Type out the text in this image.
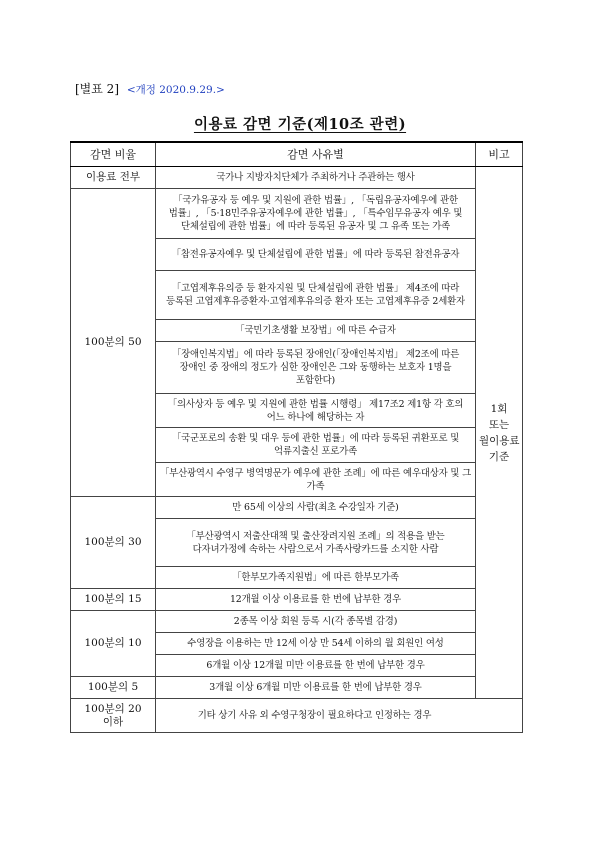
[별표 2] <개정 2020.9.29.>
이용료 감면 기준(제10조 관련)
감면 비율	감면 사유별	비고
이용료 전부	국가나 지방자치단체가 주최하거나 주관하는 행사	1회 또는 월이용료 기준
100분의 50	「국가유공자 등 예우 및 지원에 관한 법률」, 「독립유공자예우에 관한 법률」, 「5·18민주유공자예우에 관한 법률」, 「특수임무유공자 예우 및 단체설립에 관한 법률」에 따라 등록된 유공자 및 그 유족 또는 가족	
	「참전유공자예우 및 단체설립에 관한 법률」에 따라 등록된 참전유공자	
	「고엽제후유의증 등 환자지원 및 단체설립에 관한 법률」 제4조에 따라 등록된 고엽제후유증환자·고엽제후유의증 환자 또는 고엽제후유증 2세환자	
	「국민기초생활 보장법」에 따른 수급자	
	「장애인복지법」에 따라 등록된 장애인(「장애인복지법」 제2조에 따른 장애인 중 장애의 정도가 심한 장애인은 그와 동행하는 보호자 1명을 포함한다)	
	「의사상자 등 예우 및 지원에 관한 법률 시행령」 제17조2 제1항 각 호의 어느 하나에 해당하는 자	
	「국군포로의 송환 및 대우 등에 관한 법률」에 따라 등록된 귀환포로 및 억류지출신 포로가족	
	「부산광역시 수영구 병역명문가 예우에 관한 조례」에 따른 예우대상자 및 그 가족	
100분의 30	만 65세 이상의 사람(최초 수강일자 기준)	
	「부산광역시 저출산대책 및 출산장려지원 조례」의 적용을 받는 다자녀가정에 속하는 사람으로서 가족사랑카드를 소지한 사람	
	「한부모가족지원법」에 따른 한부모가족	
100분의 15	12개월 이상 이용료를 한 번에 납부한 경우	
100분의 10	2종목 이상 회원 등록 시(각 종목별 감경)	
	수영장을 이용하는 만 12세 이상 만 54세 이하의 월 회원인 여성	
	6개월 이상 12개월 미만 이용료를 한 번에 납부한 경우	
100분의 5	3개월 이상 6개월 미만 이용료를 한 번에 납부한 경우	
100분의 20 이하	기타 상기 사유 외 수영구청장이 필요하다고 인정하는 경우	
